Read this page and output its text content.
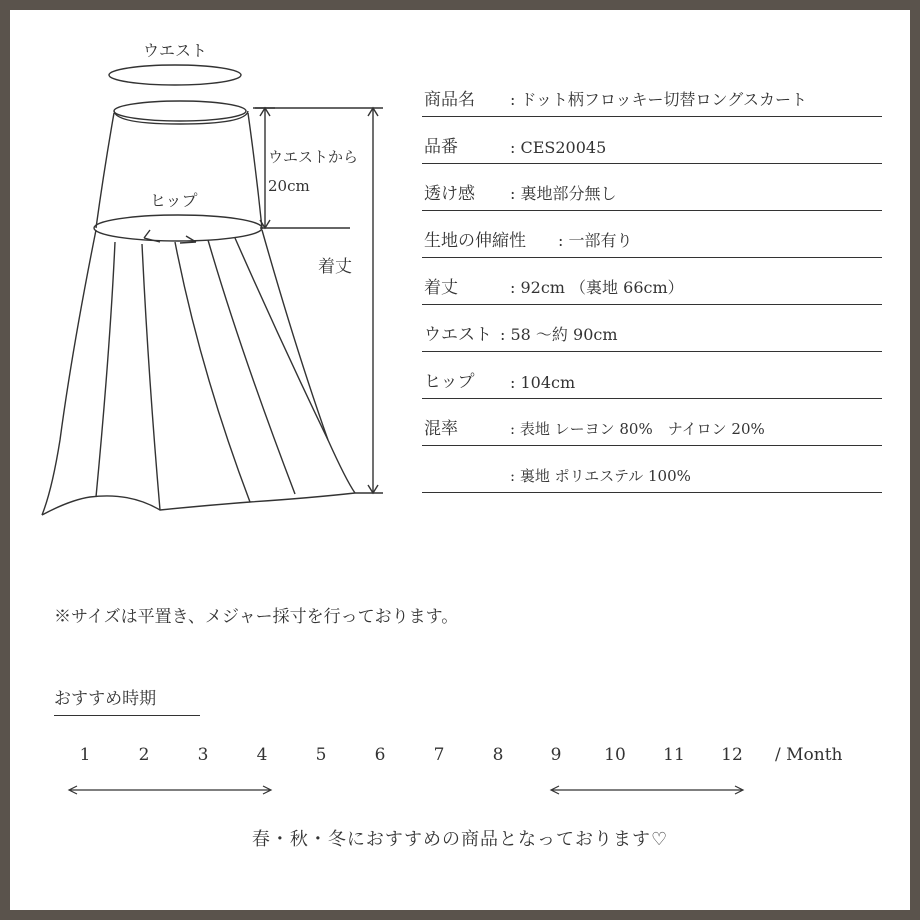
ウエスト
ウエストから
20cm
ヒップ
着丈
商品名 : ドット柄フロッキー切替ロングスカート
品番	: CES20045
透け感 : 裏地部分無し
生地の伸縮性 : 一部有り
着丈	: 92cm （裏地 66cm）
ウエスト : 58 〜約 90cm
ヒップ : 104cm
混率	: 表地 レーヨン 80%　ナイロン 20%
: 裏地 ポリエステル 100%
※サイズは平置き、メジャー採寸を行っております。
おすすめ時期
1	2	3	4	5	6	7	8	9	10 11 12 / Month
春・秋・冬におすすめの商品となっております♡
